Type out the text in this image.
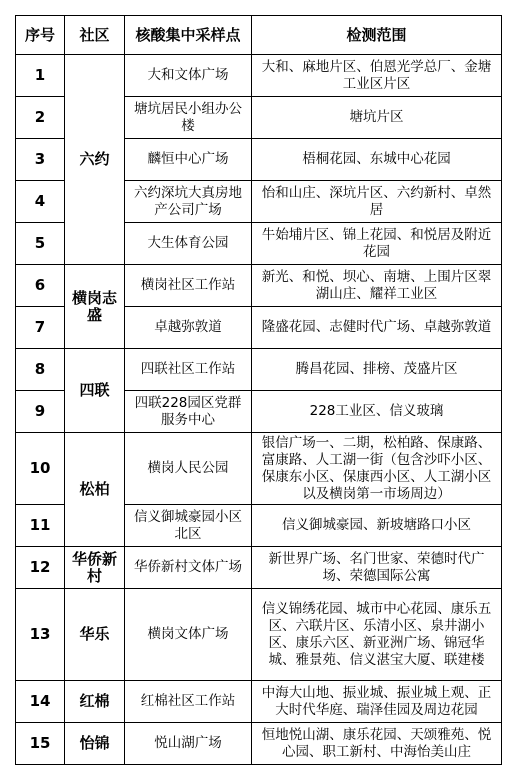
序号	社区	核酸集中采样点	检测范围
1	六约	大和文体广场	大和、麻地片区、伯恩光学总厂、金塘工业区片区
2		塘坑居民小组办公楼	塘坑片区
3		麟恒中心广场	梧桐花园、东城中心花园
4		六约深坑大真房地产公司广场	怡和山庄、深坑片区、六约新村、卓然居
5		大生体育公园	牛始埔片区、锦上花园、和悦居及附近花园
6	横岗志盛	横岗社区工作站	新光、和悦、坝心、南塘、上围片区翠湖山庄、耀祥工业区
7		卓越弥敦道	隆盛花园、志健时代广场、卓越弥敦道
8	四联	四联社区工作站	腾昌花园、排榜、茂盛片区
9		四联228园区党群服务中心	228工业区、信义玻璃
10	松柏	横岗人民公园	银信广场一、二期，松柏路、保康路、富康路、人工湖一街（包含沙吓小区、保康东小区、保康西小区、人工湖小区以及横岗第一市场周边）
11		信义御城豪园小区北区	信义御城豪园、新坡塘路口小区
12	华侨新村	华侨新村文体广场	新世界广场、名门世家、荣德时代广场、荣德国际公寓
13	华乐	横岗文体广场	信义锦绣花园、城市中心花园、康乐五区、六联片区、乐清小区、泉井湖小区、康乐六区、新亚洲广场、锦冠华城、雅景苑、信义湛宝大厦、联建楼
14	红棉	红棉社区工作站	中海大山地、振业城、振业城上观、正大时代华庭、瑞泽佳园及周边花园
15	怡锦	悦山湖广场	恒地悦山湖、康乐花园、天颂雅苑、悦心园、职工新村、中海怡美山庄
